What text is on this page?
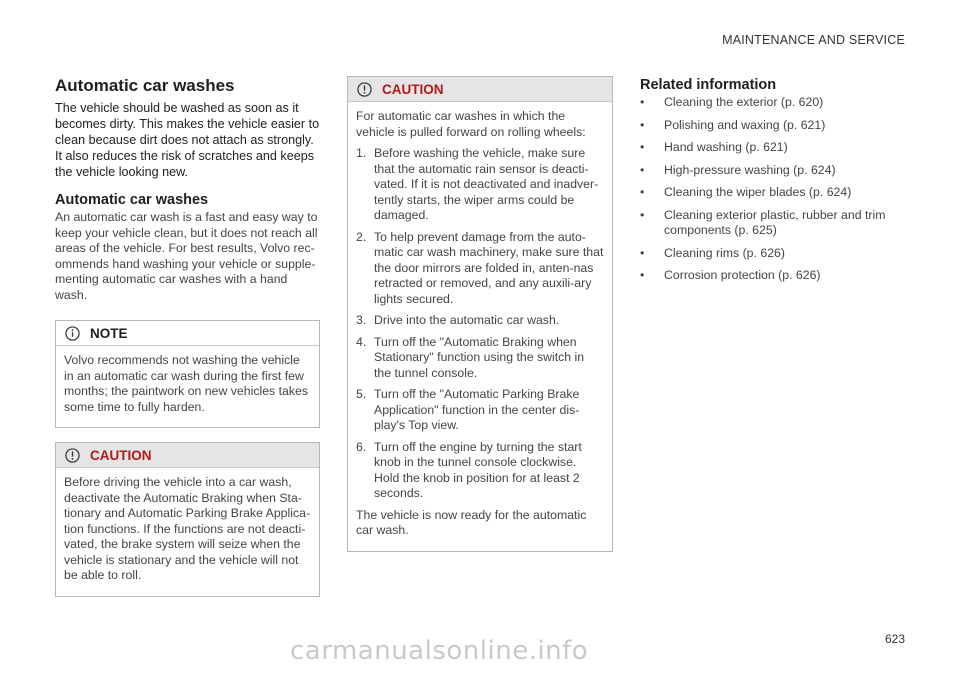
MAINTENANCE AND SERVICE
Automatic car washes

The vehicle should be washed as soon as it becomes dirty. This makes the vehicle easier to clean because dirt does not attach as strongly. It also reduces the risk of scratches and keeps the vehicle looking new.

Automatic car washes

An automatic car wash is a fast and easy way to keep your vehicle clean, but it does not reach all areas of the vehicle. For best results, Volvo rec-ommends hand washing your vehicle or supple-menting automatic car washes with a hand wash.

NOTE
Volvo recommends not washing the vehicle in an automatic car wash during the first few months; the paintwork on new vehicles takes some time to fully harden.
CAUTION
Before driving the vehicle into a car wash, deactivate the Automatic Braking when Sta-tionary and Automatic Parking Brake Applica-tion functions. If the functions are not deacti-vated, the brake system will seize when the vehicle is stationary and the vehicle will not be able to roll.
CAUTION

For automatic car washes in which the vehicle is pulled forward on rolling wheels:

1. Before washing the vehicle, make sure that the automatic rain sensor is deacti-vated. If it is not deactivated and inadver-tently starts, the wiper arms could be damaged.
2. To help prevent damage from the auto-matic car wash machinery, make sure that the door mirrors are folded in, anten-nas retracted or removed, and any auxili-ary lights secured.
3. Drive into the automatic car wash.
4. Turn off the "Automatic Braking when Stationary" function using the switch in the tunnel console.
5. Turn off the "Automatic Parking Brake Application" function in the center dis-play's Top view.
6. Turn off the engine by turning the start knob in the tunnel console clockwise. Hold the knob in position for at least 2 seconds.

The vehicle is now ready for the automatic car wash.

Related information
•	Cleaning the exterior (p. 620)
•	Polishing and waxing (p. 621)
•	Hand washing (p. 621)
•	High-pressure washing (p. 624)
•	Cleaning the wiper blades (p. 624)
•	Cleaning exterior plastic, rubber and trim components (p. 625)
•	Cleaning rims (p. 626)
•	Corrosion protection (p. 626)
623
carmanualsonline.info
